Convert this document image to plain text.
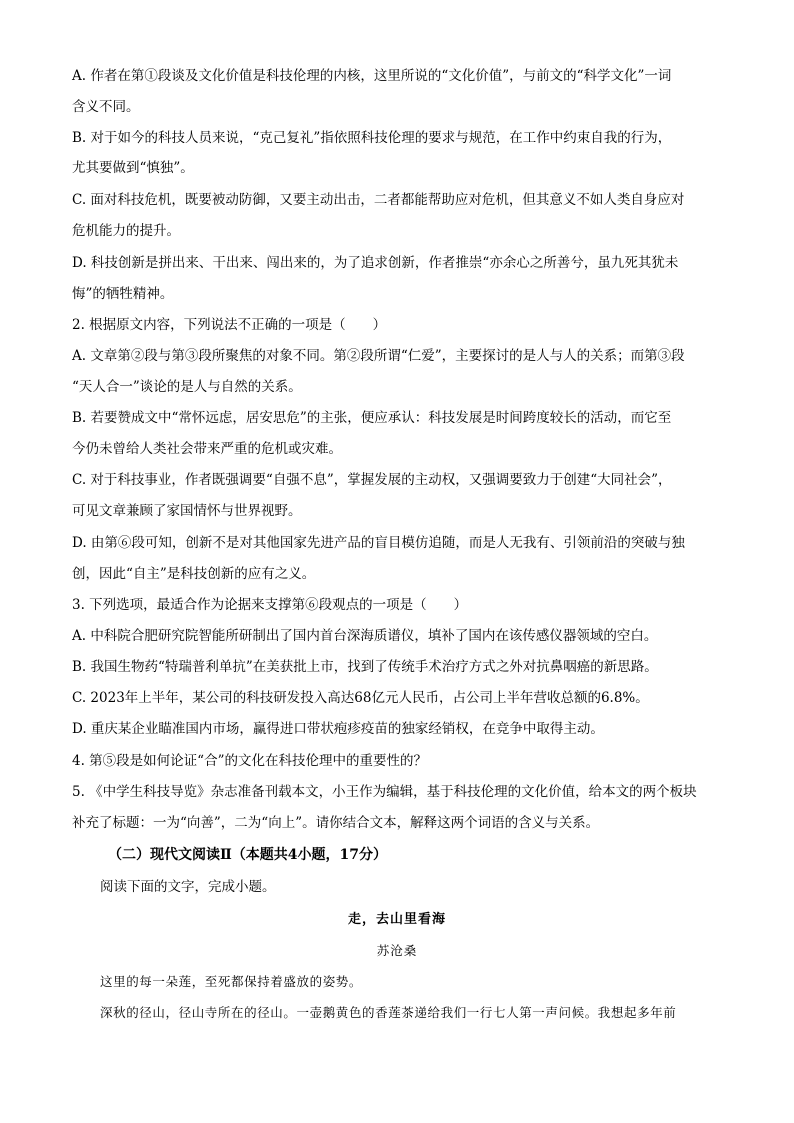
A. 作者在第①段谈及文化价值是科技伦理的内核，这里所说的“文化价值”，与前文的“科学文化”一词
含义不同。
B. 对于如今的科技人员来说，“克己复礼”指依照科技伦理的要求与规范，在工作中约束自我的行为，
尤其要做到“慎独”。
C. 面对科技危机，既要被动防御，又要主动出击，二者都能帮助应对危机，但其意义不如人类自身应对
危机能力的提升。
D. 科技创新是拼出来、干出来、闯出来的，为了追求创新，作者推崇“亦余心之所善兮，虽九死其犹未
悔”的牺牲精神。
2. 根据原文内容，下列说法不正确的一项是（　　）
A. 文章第②段与第③段所聚焦的对象不同。第②段所谓“仁爱”，主要探讨的是人与人的关系；而第③段
“天人合一”谈论的是人与自然的关系。
B. 若要赞成文中“常怀远虑，居安思危”的主张，便应承认：科技发展是时间跨度较长的活动，而它至
今仍未曾给人类社会带来严重的危机或灾难。
C. 对于科技事业，作者既强调要“自强不息”，掌握发展的主动权，又强调要致力于创建“大同社会”，
可见文章兼顾了家国情怀与世界视野。
D. 由第⑥段可知，创新不是对其他国家先进产品的盲目模仿追随，而是人无我有、引领前沿的突破与独
创，因此“自主”是科技创新的应有之义。
3. 下列选项，最适合作为论据来支撑第⑥段观点的一项是（　　）
A. 中科院合肥研究院智能所研制出了国内首台深海质谱仪，填补了国内在该传感仪器领域的空白。
B. 我国生物药“特瑞普利单抗”在美获批上市，找到了传统手术治疗方式之外对抗鼻咽癌的新思路。
C. 2023年上半年，某公司的科技研发投入高达68亿元人民币，占公司上半年营收总额的6.8%。
D. 重庆某企业瞄准国内市场，赢得进口带状疱疹疫苗的独家经销权，在竞争中取得主动。
4. 第⑤段是如何论证“合”的文化在科技伦理中的重要性的？
5. 《中学生科技导览》杂志准备刊载本文，小王作为编辑，基于科技伦理的文化价值，给本文的两个板块
补充了标题：一为“向善”，二为“向上”。请你结合文本，解释这两个词语的含义与关系。
（二）现代文阅读Ⅱ（本题共4小题，17分）
阅读下面的文字，完成小题。
走，去山里看海
苏沧桑
这里的每一朵莲，至死都保持着盛放的姿势。
深秋的径山，径山寺所在的径山。一壶鹅黄色的香莲茶递给我们一行七人第一声问候。我想起多年前
